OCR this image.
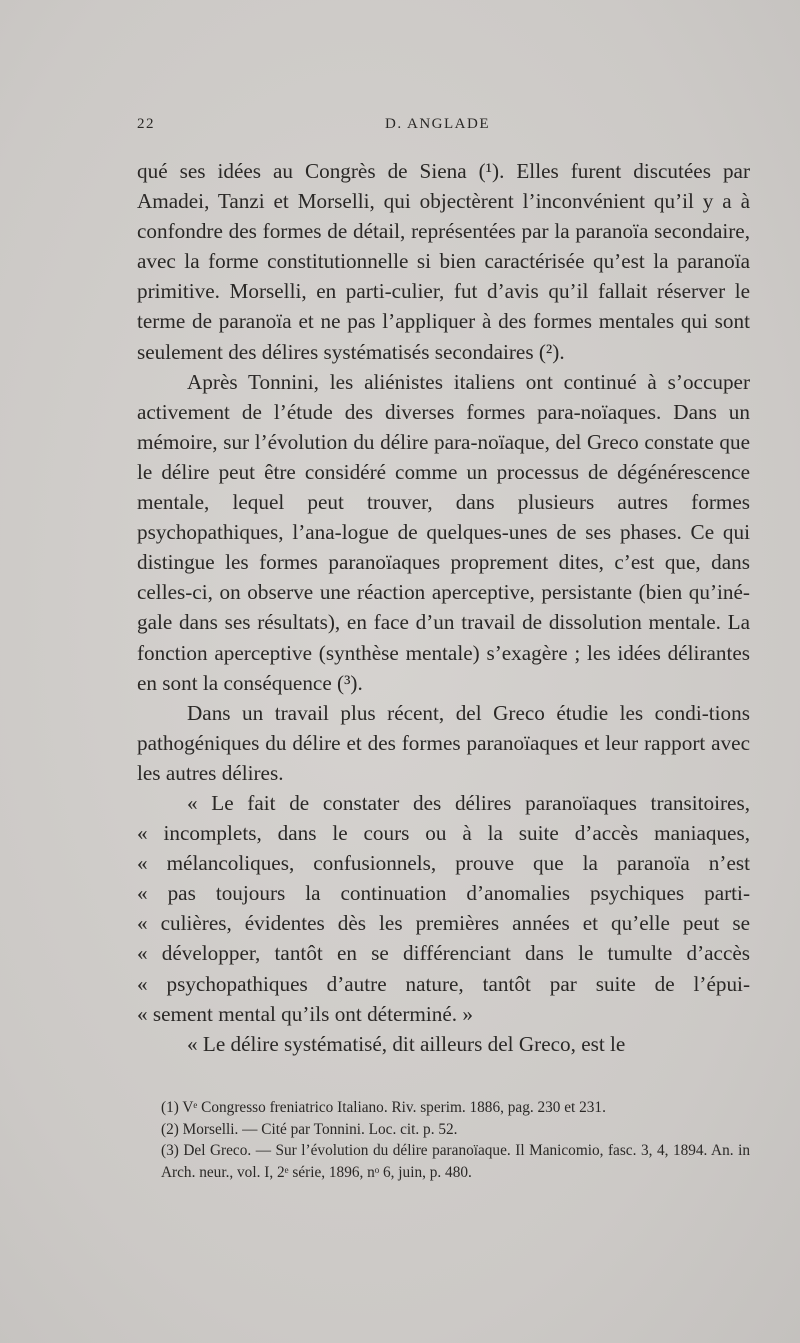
22	D. ANGLADE

qué ses idées au Congrès de Siena (¹). Elles furent discutées par Amadei, Tanzi et Morselli, qui objectèrent l’inconvénient qu’il y a à confondre des formes de détail, représentées par la paranoïa secondaire, avec la forme constitutionnelle si bien caractérisée qu’est la paranoïa primitive. Morselli, en parti-culier, fut d’avis qu’il fallait réserver le terme de paranoïa et ne pas l’appliquer à des formes mentales qui sont seulement des délires systématisés secondaires (²).

Après Tonnini, les aliénistes italiens ont continué à s’occuper activement de l’étude des diverses formes para-noïaques. Dans un mémoire, sur l’évolution du délire para-noïaque, del Greco constate que le délire peut être considéré comme un processus de dégénérescence mentale, lequel peut trouver, dans plusieurs autres formes psychopathiques, l’ana-logue de quelques-unes de ses phases. Ce qui distingue les formes paranoïaques proprement dites, c’est que, dans celles-ci, on observe une réaction aperceptive, persistante (bien qu’iné-gale dans ses résultats), en face d’un travail de dissolution mentale. La fonction aperceptive (synthèse mentale) s’exagère ; les idées délirantes en sont la conséquence (³).

Dans un travail plus récent, del Greco étudie les condi-tions pathogéniques du délire et des formes paranoïaques et leur rapport avec les autres délires.

« Le fait de constater des délires paranoïaques transitoires,
« incomplets, dans le cours ou à la suite d’accès maniaques,
« mélancoliques, confusionnels, prouve que la paranoïa n’est
« pas toujours la continuation d’anomalies psychiques parti-
« culières, évidentes dès les premières années et qu’elle peut se
« développer, tantôt en se différenciant dans le tumulte d’accès
« psychopathiques d’autre nature, tantôt par suite de l’épui-
« sement mental qu’ils ont déterminé. »

« Le délire systématisé, dit ailleurs del Greco, est le

(1) Vᵉ Congresso freniatrico Italiano. Riv. sperim. 1886, pag. 230 et 231.

(2) Morselli. — Cité par Tonnini. Loc. cit. p. 52.

(3) Del Greco. — Sur l’évolution du délire paranoïaque. Il Manicomio, fasc. 3, 4, 1894. An. in Arch. neur., vol. I, 2ᵉ série, 1896, nᵒ 6, juin, p. 480.
